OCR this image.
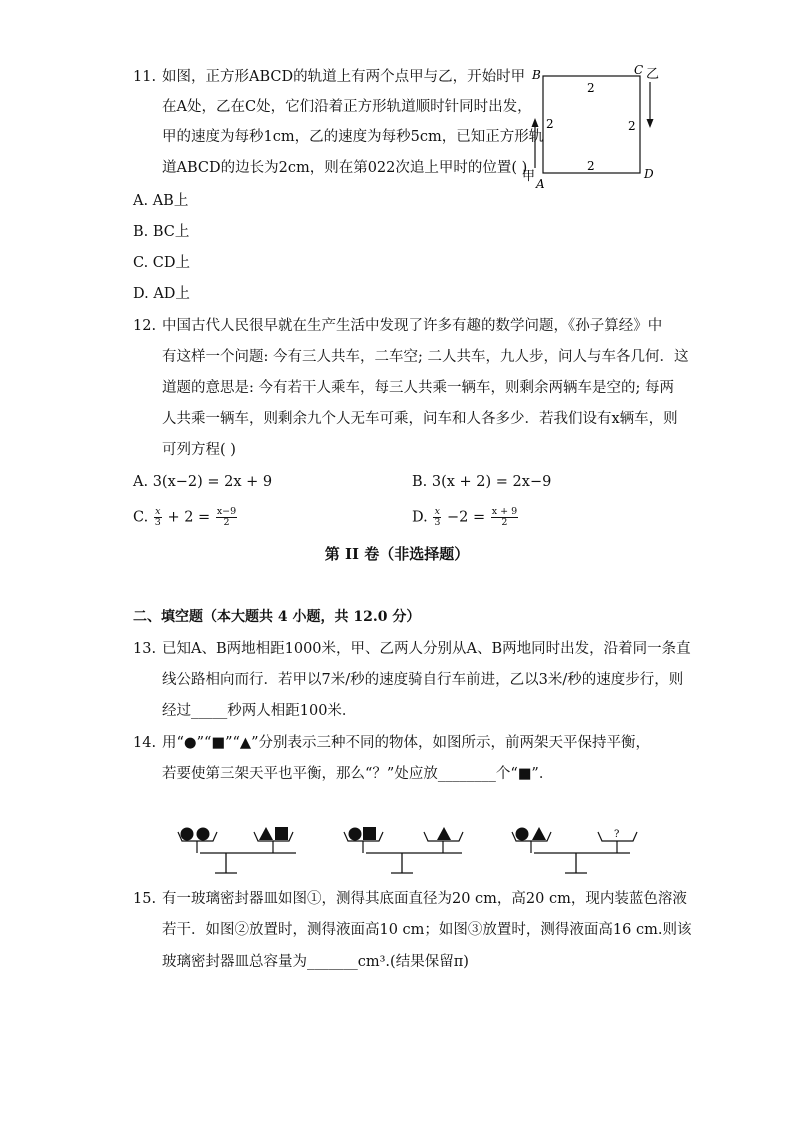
11. 如图，正方形ABCD的轨道上有两个点甲与乙，开始时甲
在A处，乙在C处，它们沿着正方形轨道顺时针同时出发，
甲的速度为每秒1cm，乙的速度为每秒5cm，已知正方形轨
道ABCD的边长为2cm，则在第022次追上甲时的位置( )
B	C 乙
D
A
甲
2
2	2
2
A. AB上
B. BC上
C. CD上
D. AD上
12. 中国古代人民很早就在生产生活中发现了许多有趣的数学问题，《孙子算经》中
有这样一个问题: 今有三人共车，二车空; 二人共车，九人步，问人与车各几何．这
道题的意思是: 今有若干人乘车，每三人共乘一辆车，则剩余两辆车是空的; 每两
人共乘一辆车，则剩余九个人无车可乘，问车和人各多少．若我们设有x辆车，则
可列方程( )
A. 3(x−2) = 2x + 9	B. 3(x + 2) = 2x−9
C. $\frac{x}{3} + 2 = \frac{x-9}{2}$	D. $\frac{x}{3} -2 = \frac{x + 9}{2}$
第 II 卷（非选择题）
二、填空题（本大题共 4 小题，共 12.0 分）
13. 已知A、B两地相距1000米，甲、乙两人分别从A、B两地同时出发，沿着同一条直
线公路相向而行．若甲以7米/秒的速度骑自行车前进，乙以3米/秒的速度步行，则
经过_____秒两人相距100米．
14. 用“●”“■”“▲”分别表示三种不同的物体，如图所示，前两架天平保持平衡，
若要使第三架天平也平衡，那么“？”处应放________个“■”．
?
15. 有一玻璃密封器皿如图①，测得其底面直径为20 cm，高20 cm，现内装蓝色溶液
若干．如图②放置时，测得液面高10 cm；如图③放置时，测得液面高16 cm.则该
玻璃密封器皿总容量为_______cm³.(结果保留π)
